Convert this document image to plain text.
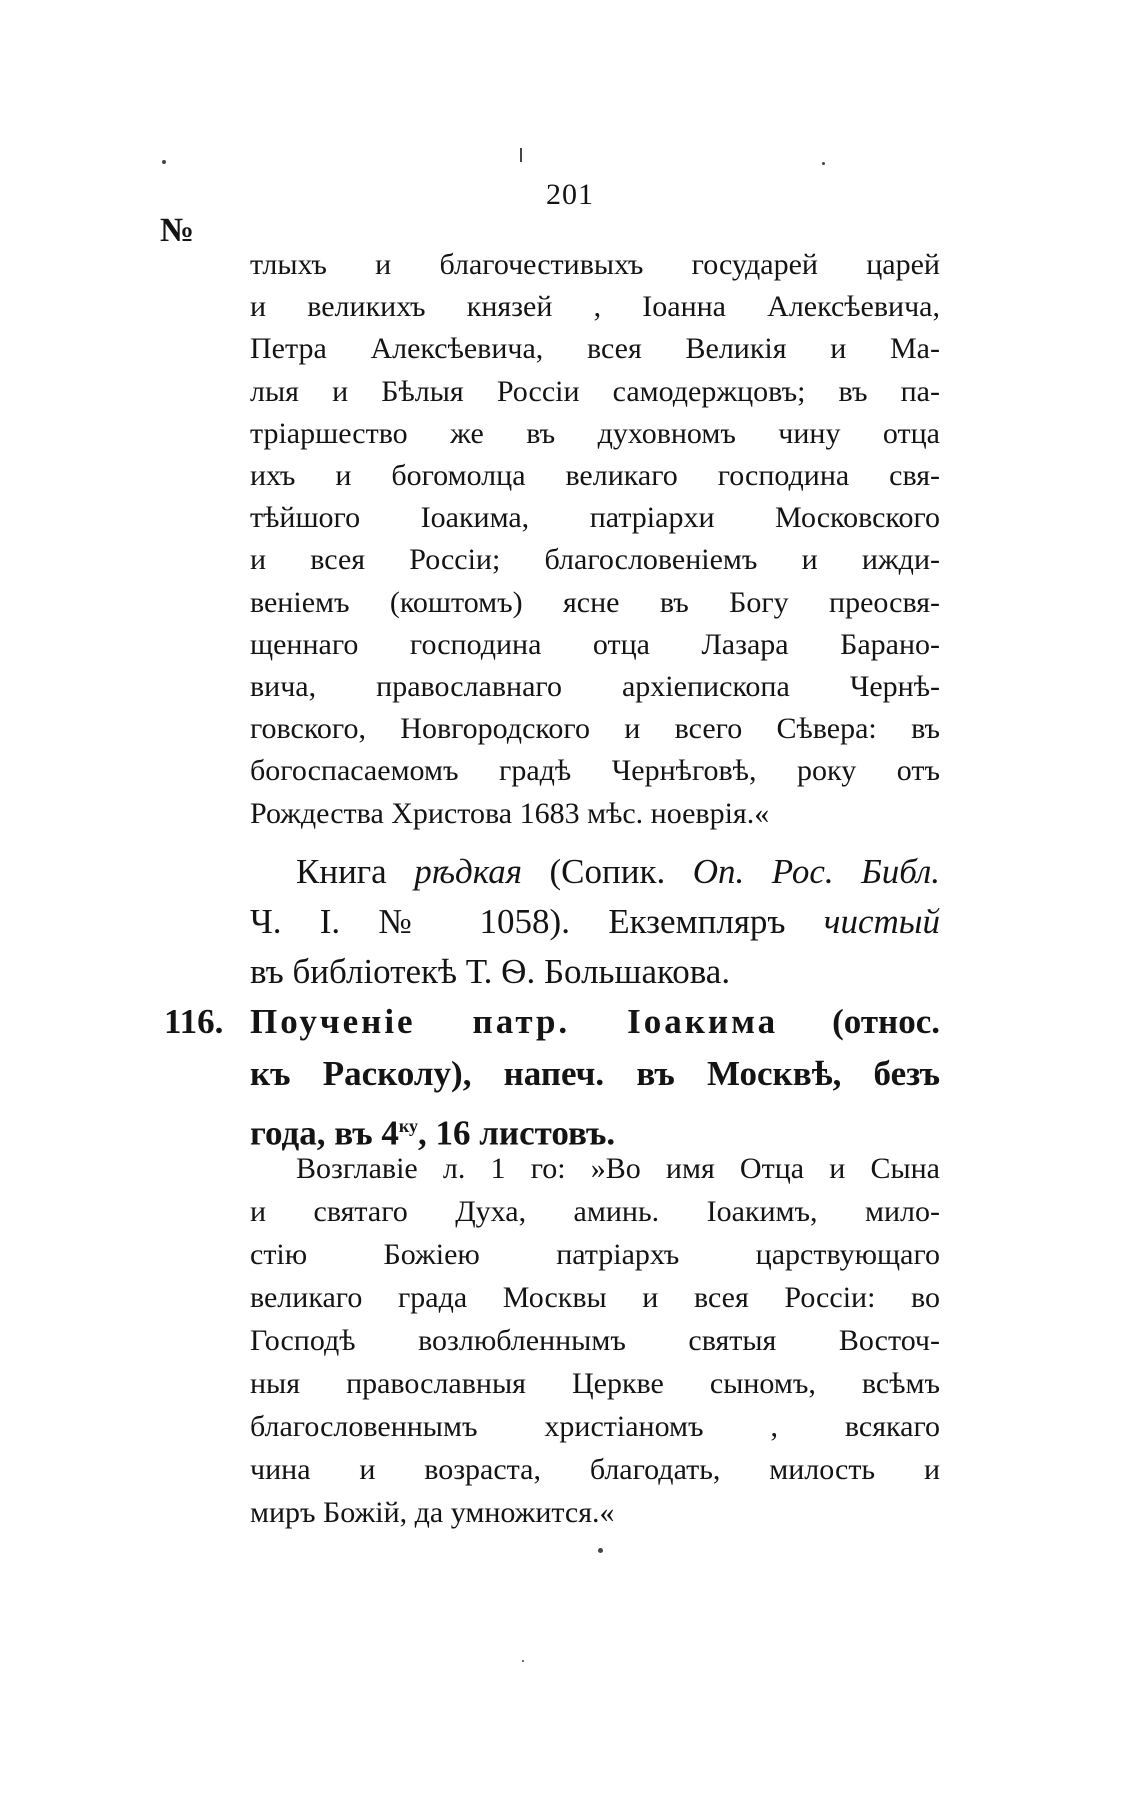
201
№
тлыхъ и благочестивыхъ государей царей
и великихъ князей , Іоанна Алексѣевича,
Петра Алексѣевича, всея Великія и Ма-
лыя и Бѣлыя Россіи самодержцовъ; въ па-
тріаршество же въ духовномъ чину отца
ихъ и богомолца великаго господина свя-
тѣйшого Іоакима, патріархи Московского
и всея Россіи; благословеніемъ и ижди-
веніемъ (коштомъ) ясне въ Богу преосвя-
щеннаго господина отца Лазара Барано-
вича, православнаго архіепископа Чернѣ-
говского, Новгородского и всего Сѣвера: въ
богоспасаемомъ градѣ Чернѣговѣ, року отъ
Рождества Христова 1683 мѣс. ноеврія.«
Книга рѣдкая (Сопик. Оп. Рос. Библ.
Ч. I. № 1058). Екземпляръ чистый
въ библіотекѣ Т. Ѳ. Большакова.
116. Поученіе патр. Іоакима (относ.
къ Расколу), напеч. въ Москвѣ, безъ
года, въ $4^{ку}$, 16 листовъ.
Возглавіе л. 1 го: »Во имя Отца и Сына
и святаго Духа, аминь. Іоакимъ, мило-
стію Божіею патріархъ царствующаго
великаго града Москвы и всея Россіи: во
Господѣ возлюбленнымъ святыя Восточ-
ныя православныя Церкве сыномъ, всѣмъ
благословеннымъ христіаномъ , всякаго
чина и возраста, благодать, милость и
миръ Божій, да умножится.«
